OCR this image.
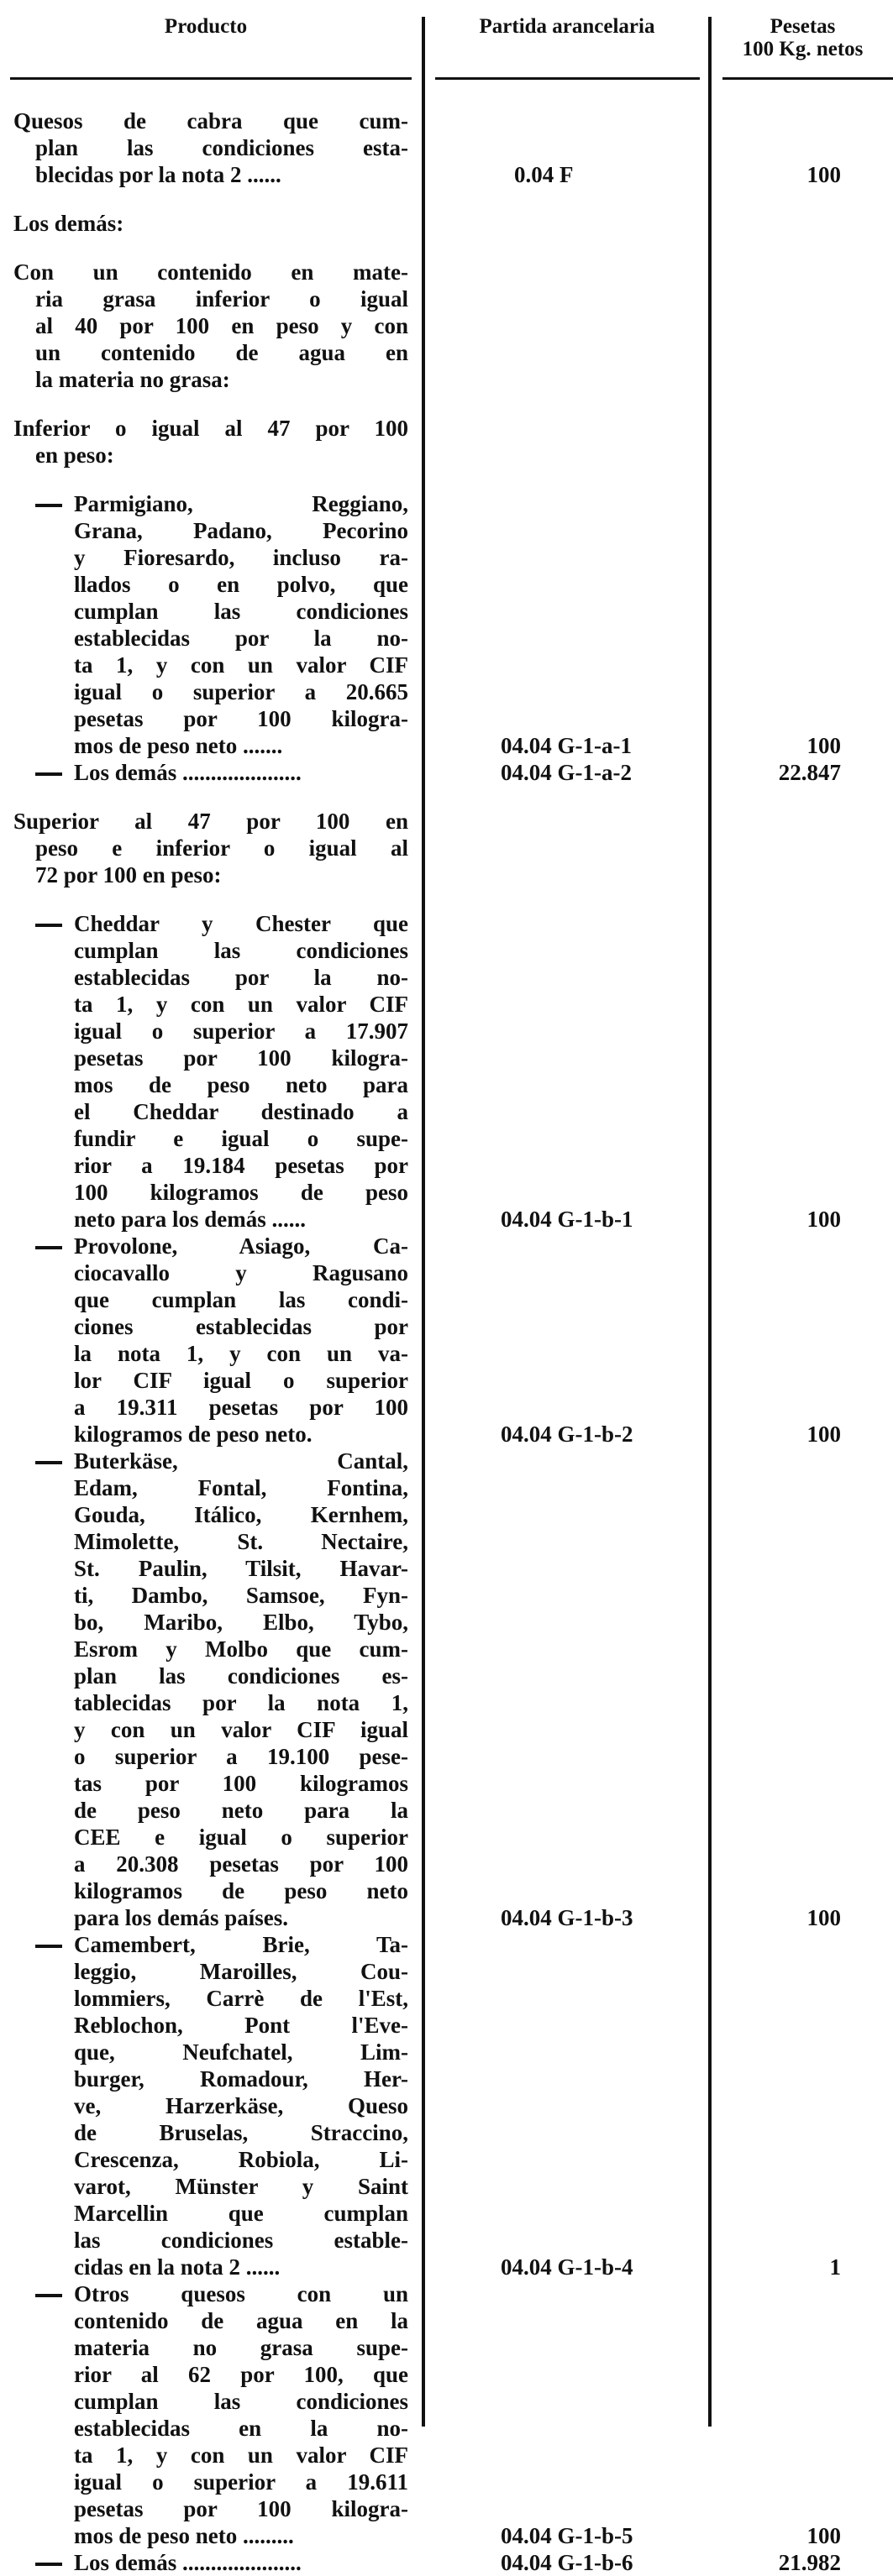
Producto	Partida arancelaria	Pesetas
100 Kg. netos
Quesos de cabra que cum-
plan las condiciones esta-
blecidas por la nota 2 ......	0.04 F	100
Los demás:
Con un contenido en mate-
ria grasa inferior o igual
al 40 por 100 en peso y con
un contenido de agua en
la materia no grasa:
Inferior o igual al 47 por 100
en peso:
Parmigiano, Reggiano,
Grana, Padano, Pecorino
y Fioresardo, incluso ra-
llados o en polvo, que
cumplan las condiciones
establecidas por la no-
ta 1, y con un valor CIF
igual o superior a 20.665
pesetas por 100 kilogra-
mos de peso neto .......	04.04 G-1-a-1	100
Los demás .....................	04.04 G-1-a-2	22.847
Superior al 47 por 100 en
peso e inferior o igual al
72 por 100 en peso:
Cheddar y Chester que
cumplan las condiciones
establecidas por la no-
ta 1, y con un valor CIF
igual o superior a 17.907
pesetas por 100 kilogra-
mos de peso neto para
el Cheddar destinado a
fundir e igual o supe-
rior a 19.184 pesetas por
100 kilogramos de peso
neto para los demás ......	04.04 G-1-b-1	100
Provolone, Asiago, Ca-
ciocavallo y Ragusano
que cumplan las condi-
ciones establecidas por
la nota 1, y con un va-
lor CIF igual o superior
a 19.311 pesetas por 100
kilogramos de peso neto.	04.04 G-1-b-2	100
Buterkäse, Cantal,
Edam, Fontal, Fontina,
Gouda, Itálico, Kernhem,
Mimolette, St. Nectaire,
St. Paulin, Tilsit, Havar-
ti, Dambo, Samsoe, Fyn-
bo, Maribo, Elbo, Tybo,
Esrom y Molbo que cum-
plan las condiciones es-
tablecidas por la nota 1,
y con un valor CIF igual
o superior a 19.100 pese-
tas por 100 kilogramos
de peso neto para la
CEE e igual o superior
a 20.308 pesetas por 100
kilogramos de peso neto
para los demás países.	04.04 G-1-b-3	100
Camembert, Brie, Ta-
leggio, Maroilles, Cou-
lommiers, Carrè de l'Est,
Reblochon, Pont l'Eve-
que, Neufchatel, Lim-
burger, Romadour, Her-
ve, Harzerkäse, Queso
de Bruselas, Straccino,
Crescenza, Robiola, Li-
varot, Münster y Saint
Marcellin que cumplan
las condiciones estable-
cidas en la nota 2 ......	04.04 G-1-b-4	1
Otros quesos con un
contenido de agua en la
materia no grasa supe-
rior al 62 por 100, que
cumplan las condiciones
establecidas en la no-
ta 1, y con un valor CIF
igual o superior a 19.611
pesetas por 100 kilogra-
mos de peso neto .........	04.04 G-1-b-5	100
Los demás .....................	04.04 G-1-b-6	21.982
